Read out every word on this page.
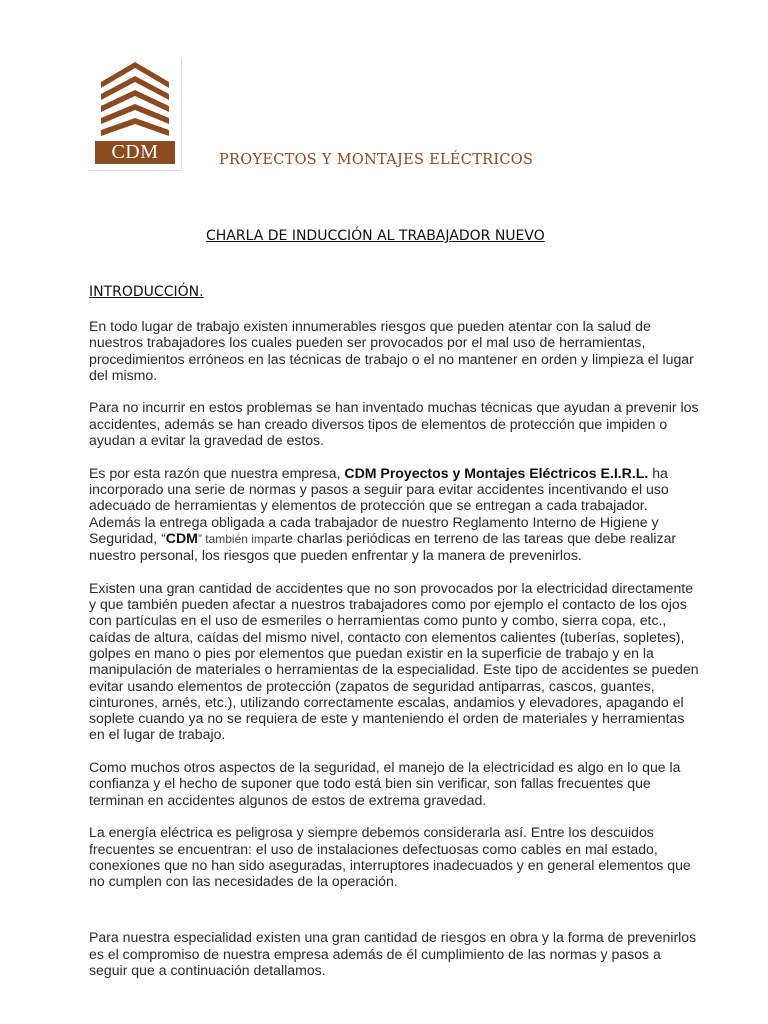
CDM	PROYECTOS Y MONTAJES ELÉCTRICOS
CHARLA DE INDUCCIÓN AL TRABAJADOR NUEVO
INTRODUCCIÓN.

En todo lugar de trabajo existen innumerables riesgos que pueden atentar con la salud de nuestros trabajadores los cuales pueden ser provocados por el mal uso de herramientas, procedimientos erróneos en las técnicas de trabajo o el no mantener en orden y limpieza el lugar del mismo.

Para no incurrir en estos problemas se han inventado muchas técnicas que ayudan a prevenir los accidentes, además se han creado diversos tipos de elementos de protección que impiden o ayudan a evitar la gravedad de estos.

Es por esta razón que nuestra empresa, CDM Proyectos y Montajes Eléctricos E.I.R.L. ha incorporado una serie de normas y pasos a seguir para evitar accidentes incentivando el uso adecuado de herramientas y elementos de protección que se entregan a cada trabajador. Además la entrega obligada a cada trabajador de nuestro Reglamento Interno de Higiene y Seguridad, “CDM” también imparte charlas periódicas en terreno de las tareas que debe realizar nuestro personal, los riesgos que pueden enfrentar y la manera de prevenirlos.

Existen una gran cantidad de accidentes que no son provocados por la electricidad directamente y que también pueden afectar a nuestros trabajadores como por ejemplo el contacto de los ojos con partículas en el uso de esmeriles o herramientas como punto y combo, sierra copa, etc., caídas de altura, caídas del mismo nivel, contacto con elementos calientes (tuberías, sopletes), golpes en mano o pies por elementos que puedan existir en la superficie de trabajo y en la manipulación de materiales o herramientas de la especialidad. Este tipo de accidentes se pueden evitar usando elementos de protección (zapatos de seguridad antiparras, cascos, guantes, cinturones, arnés, etc.), utilizando correctamente escalas, andamios y elevadores, apagando el soplete cuando ya no se requiera de este y manteniendo el orden de materiales y herramientas en el lugar de trabajo.

Como muchos otros aspectos de la seguridad, el manejo de la electricidad es algo en lo que la confianza y el hecho de suponer que todo está bien sin verificar, son fallas frecuentes que terminan en accidentes algunos de estos de extrema gravedad.

La energía eléctrica es peligrosa y siempre debemos considerarla así. Entre los descuidos frecuentes se encuentran: el uso de instalaciones defectuosas como cables en mal estado, conexiones que no han sido aseguradas, interruptores inadecuados y en general elementos que no cumplen con las necesidades de la operación.

Para nuestra especialidad existen una gran cantidad de riesgos en obra y la forma de prevenirlos es el compromiso de nuestra empresa además de él cumplimiento de las normas y pasos a seguir que a continuación detallamos.
